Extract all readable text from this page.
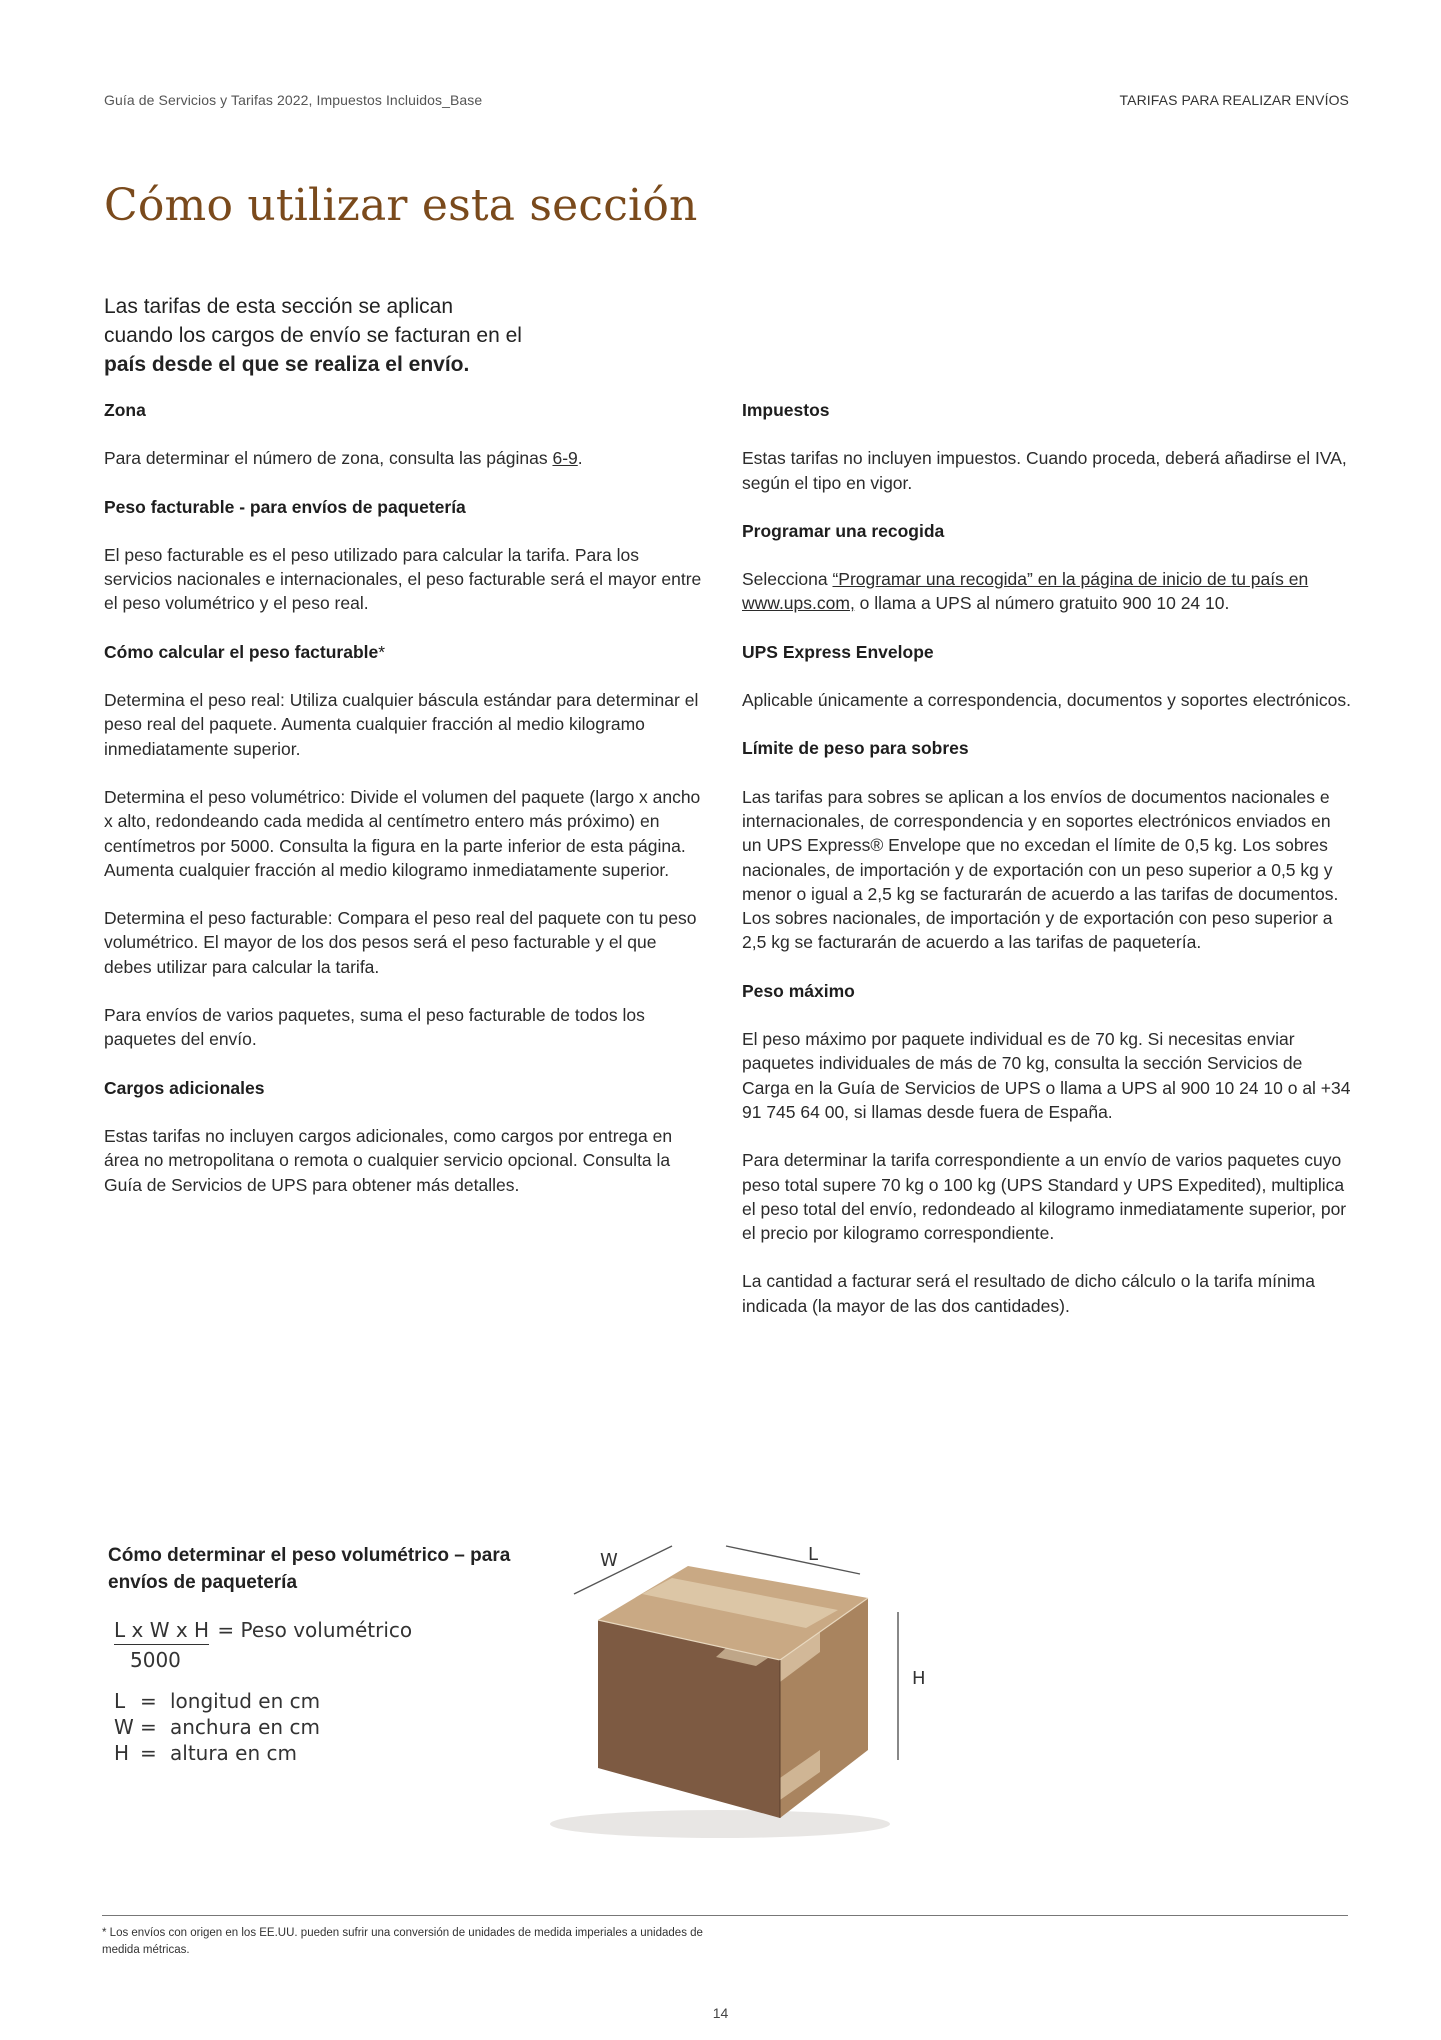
Guía de Servicios y Tarifas 2022, Impuestos Incluidos_Base	TARIFAS PARA REALIZAR ENVÍOS
Cómo utilizar esta sección
Las tarifas de esta sección se aplican cuando los cargos de envío se facturan en el país desde el que se realiza el envío.
Zona

Para determinar el número de zona, consulta las páginas 6-9.

Peso facturable - para envíos de paquetería

El peso facturable es el peso utilizado para calcular la tarifa. Para los servicios nacionales e internacionales, el peso facturable será el mayor entre el peso volumétrico y el peso real.

Cómo calcular el peso facturable*

Determina el peso real: Utiliza cualquier báscula estándar para determinar el peso real del paquete. Aumenta cualquier fracción al medio kilogramo inmediatamente superior.

Determina el peso volumétrico: Divide el volumen del paquete (largo x ancho x alto, redondeando cada medida al centímetro entero más próximo) en centímetros por 5000. Consulta la figura en la parte inferior de esta página. Aumenta cualquier fracción al medio kilogramo inmediatamente superior.

Determina el peso facturable: Compara el peso real del paquete con tu peso volumétrico. El mayor de los dos pesos será el peso facturable y el que debes utilizar para calcular la tarifa.

Para envíos de varios paquetes, suma el peso facturable de todos los paquetes del envío.

Cargos adicionales

Estas tarifas no incluyen cargos adicionales, como cargos por entrega en área no metropolitana o remota o cualquier servicio opcional. Consulta la Guía de Servicios de UPS para obtener más detalles.

Impuestos

Estas tarifas no incluyen impuestos. Cuando proceda, deberá añadirse el IVA, según el tipo en vigor.

Programar una recogida

Selecciona “Programar una recogida” en la página de inicio de tu país en www.ups.com, o llama a UPS al número gratuito 900 10 24 10.

UPS Express Envelope

Aplicable únicamente a correspondencia, documentos y soportes electrónicos.

Límite de peso para sobres

Las tarifas para sobres se aplican a los envíos de documentos nacionales e internacionales, de correspondencia y en soportes electrónicos enviados en un UPS Express® Envelope que no excedan el límite de 0,5 kg. Los sobres nacionales, de importación y de exportación con un peso superior a 0,5 kg y menor o igual a 2,5 kg se facturarán de acuerdo a las tarifas de documentos. Los sobres nacionales, de importación y de exportación con peso superior a 2,5 kg se facturarán de acuerdo a las tarifas de paquetería.

Peso máximo

El peso máximo por paquete individual es de 70 kg. Si necesitas enviar paquetes individuales de más de 70 kg, consulta la sección Servicios de Carga en la Guía de Servicios de UPS o llama a UPS al 900 10 24 10 o al +34 91 745 64 00, si llamas desde fuera de España.

Para determinar la tarifa correspondiente a un envío de varios paquetes cuyo peso total supere 70 kg o 100 kg (UPS Standard y UPS Expedited), multiplica el peso total del envío, redondeado al kilogramo inmediatamente superior, por el precio por kilogramo correspondiente.

La cantidad a facturar será el resultado de dicho cálculo o la tarifa mínima indicada (la mayor de las dos cantidades).

Cómo determinar el peso volumétrico – para envíos de paquetería
L x W x H = Peso volumétrico
5000
L = longitud en cm
W = anchura en cm
H = altura en cm
W	L
H
* Los envíos con origen en los EE.UU. pueden sufrir una conversión de unidades de medida imperiales a unidades de medida métricas.
14
